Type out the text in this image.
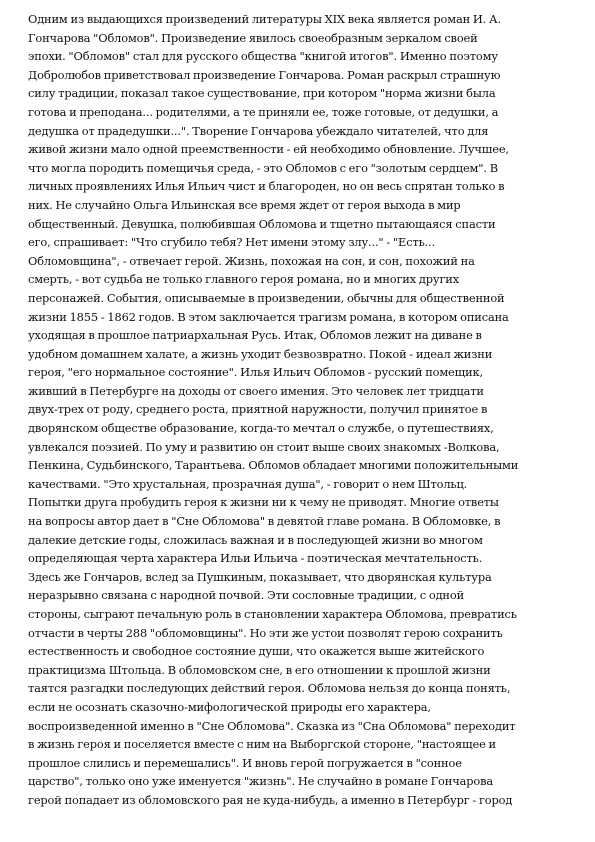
Одним из выдающихся произведений литературы XIX века является роман И. А.
Гончарова "Обломов". Произведение явилось своеобразным зеркалом своей
эпохи. "Обломов" стал для русского общества "книгой итогов". Именно поэтому
Добролюбов приветствовал произведение Гончарова. Роман раскрыл страшную
силу традиции, показал такое существование, при котором "норма жизни была
готова и преподана... родителями, а те приняли ее, тоже готовые, от дедушки, а
дедушка от прадедушки...". Творение Гончарова убеждало читателей, что для
живой жизни мало одной преемственности - ей необходимо обновление. Лучшее,
что могла породить помещичья среда, - это Обломов с его "золотым сердцем". В
личных проявлениях Илья Ильич чист и благороден, но он весь спрятан только в
них. Не случайно Ольга Ильинская все время ждет от героя выхода в мир
общественный. Девушка, полюбившая Обломова и тщетно пытающаяся спасти
его, спрашивает: "Что сгубило тебя? Нет имени этому злу..." - "Есть...
Обломовщина", - отвечает герой. Жизнь, похожая на сон, и сон, похожий на
смерть, - вот судьба не только главного героя романа, но и многих других
персонажей. События, описываемые в произведении, обычны для общественной
жизни 1855 - 1862 годов. В этом заключается трагизм романа, в котором описана
уходящая в прошлое патриархальная Русь. Итак, Обломов лежит на диване в
удобном домашнем халате, а жизнь уходит безвозвратно. Покой - идеал жизни
героя, "его нормальное состояние". Илья Ильич Обломов - русский помещик,
живший в Петербурге на доходы от своего имения. Это человек лет тридцати
двух-трех от роду, среднего роста, приятной наружности, получил принятое в
дворянском обществе образование, когда-то мечтал о службе, о путешествиях,
увлекался поэзией. По уму и развитию он стоит выше своих знакомых -Волкова,
Пенкина, Судьбинского, Тарантьева. Обломов обладает многими положительными
качествами. "Это хрустальная, прозрачная душа", - говорит о нем Штольц.
Попытки друга пробудить героя к жизни ни к чему не приводят. Многие ответы
на вопросы автор дает в "Сне Обломова" в девятой главе романа. В Обломовке, в
далекие детские годы, сложилась важная и в последующей жизни во многом
определяющая черта характера Ильи Ильича - поэтическая мечтательность.
Здесь же Гончаров, вслед за Пушкиным, показывает, что дворянская культура
неразрывно связана с народной почвой. Эти сословные традиции, с одной
стороны, сыграют печальную роль в становлении характера Обломова, превратись
отчасти в черты 288 "обломовщины". Но эти же устои позволят герою сохранить
естественность и свободное состояние души, что окажется выше житейского
практицизма Штольца. В обломовском сне, в его отношении к прошлой жизни
таятся разгадки последующих действий героя. Обломова нельзя до конца понять,
если не осознать сказочно-мифологической природы его характера,
воспроизведенной именно в "Сне Обломова". Сказка из "Сна Обломова" переходит
в жизнь героя и поселяется вместе с ним на Выборгской стороне, "настоящее и
прошлое слились и перемешались". И вновь герой погружается в "сонное
царство", только оно уже именуется "жизнь". Не случайно в романе Гончарова
герой попадает из обломовского рая не куда-нибудь, а именно в Петербург - город
